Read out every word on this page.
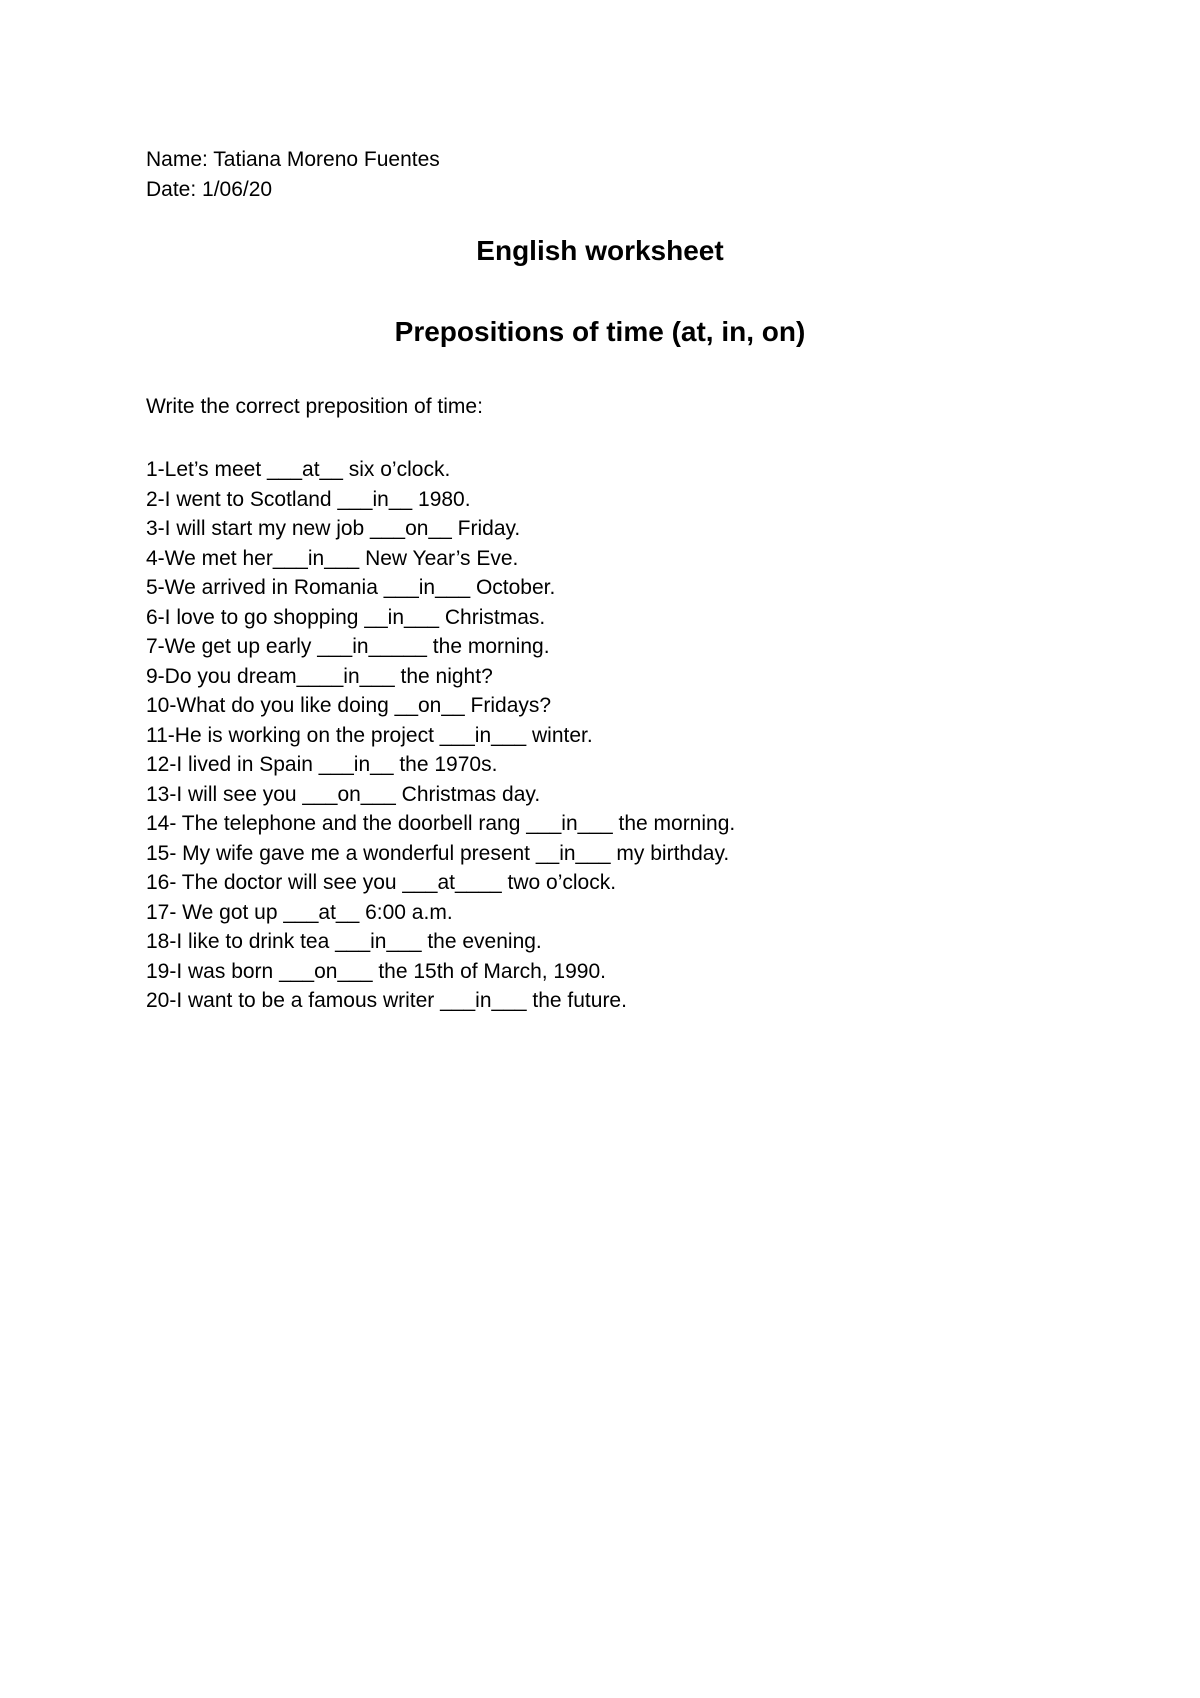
Name: Tatiana Moreno Fuentes
Date: 1/06/20
English worksheet
Prepositions of time (at, in, on)
Write the correct preposition of time:
1-Let’s meet ___at__ six o’clock.
2-I went to Scotland ___in__ 1980.
3-I will start my new job ___on__ Friday.
4-We met her___in___ New Year’s Eve.
5-We arrived in Romania ___in___ October.
6-I love to go shopping __in___ Christmas.
7-We get up early ___in_____ the morning.
9-Do you dream____in___ the night?
10-What do you like doing __on__ Fridays?
11-He is working on the project ___in___ winter.
12-I lived in Spain ___in__ the 1970s.
13-I will see you ___on___ Christmas day.
14- The telephone and the doorbell rang ___in___ the morning.
15- My wife gave me a wonderful present __in___ my birthday.
16- The doctor will see you ___at____ two o’clock.
17- We got up ___at__ 6:00 a.m.
18-I like to drink tea ___in___ the evening.
19-I was born ___on___ the 15th of March, 1990.
20-I want to be a famous writer ___in___ the future.
